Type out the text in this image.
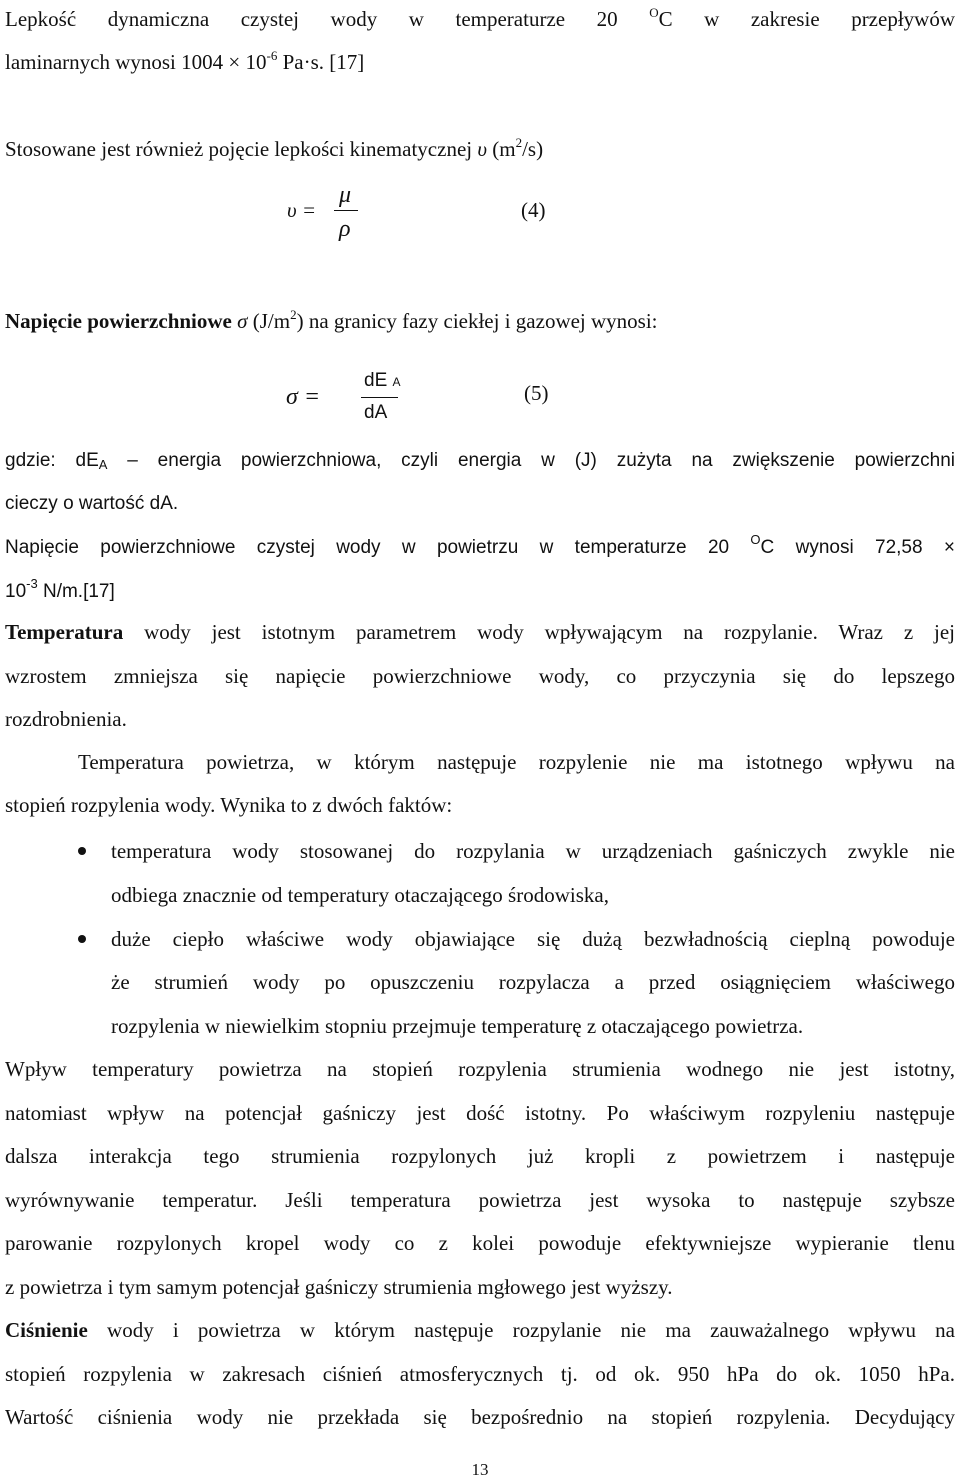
Lepkość dynamiczna czystej wody w temperaturze 20 $^O$C w zakresie przepływów
laminarnych wynosi $1004 \times 10^{-6}$ Pa·s. [17]
Stosowane jest również pojęcie lepkości kinematycznej υ $(m^2/s)$
υ =
μ
ρ
(4)
Napięcie powierzchniowe σ $(J/m^2)$ na granicy fazy ciekłej i gazowej wynosi:
σ =
dE A
dA
(5)
gdzie: $dE_A$ – energia powierzchniowa, czyli energia w (J) zużyta na zwiększenie powierzchni
cieczy o wartość dA.
Napięcie powierzchniowe czystej wody w powietrzu w temperaturze 20 $^O$C wynosi 72,58 ×
$10^{-3}$ N/m.[17]
Temperatura wody jest istotnym parametrem wody wpływającym na rozpylanie. Wraz z jej
wzrostem zmniejsza się napięcie powierzchniowe wody, co przyczynia się do lepszego
rozdrobnienia.
Temperatura powietrza, w którym następuje rozpylenie nie ma istotnego wpływu na
stopień rozpylenia wody. Wynika to z dwóch faktów:
temperatura wody stosowanej do rozpylania w urządzeniach gaśniczych zwykle nie
odbiega znacznie od temperatury otaczającego środowiska,
duże ciepło właściwe wody objawiające się dużą bezwładnością cieplną powoduje
że strumień wody po opuszczeniu rozpylacza a przed osiągnięciem właściwego
rozpylenia w niewielkim stopniu przejmuje temperaturę z otaczającego powietrza.
Wpływ temperatury powietrza na stopień rozpylenia strumienia wodnego nie jest istotny,
natomiast wpływ na potencjał gaśniczy jest dość istotny. Po właściwym rozpyleniu następuje
dalsza interakcja tego strumienia rozpylonych już kropli z powietrzem i następuje
wyrównywanie temperatur. Jeśli temperatura powietrza jest wysoka to następuje szybsze
parowanie rozpylonych kropel wody co z kolei powoduje efektywniejsze wypieranie tlenu
z powietrza i tym samym potencjał gaśniczy strumienia mgłowego jest wyższy.
Ciśnienie wody i powietrza w którym następuje rozpylanie nie ma zauważalnego wpływu na
stopień rozpylenia w zakresach ciśnień atmosferycznych tj. od ok. 950 hPa do ok. 1050 hPa.
Wartość ciśnienia wody nie przekłada się bezpośrednio na stopień rozpylenia. Decydujący
13
